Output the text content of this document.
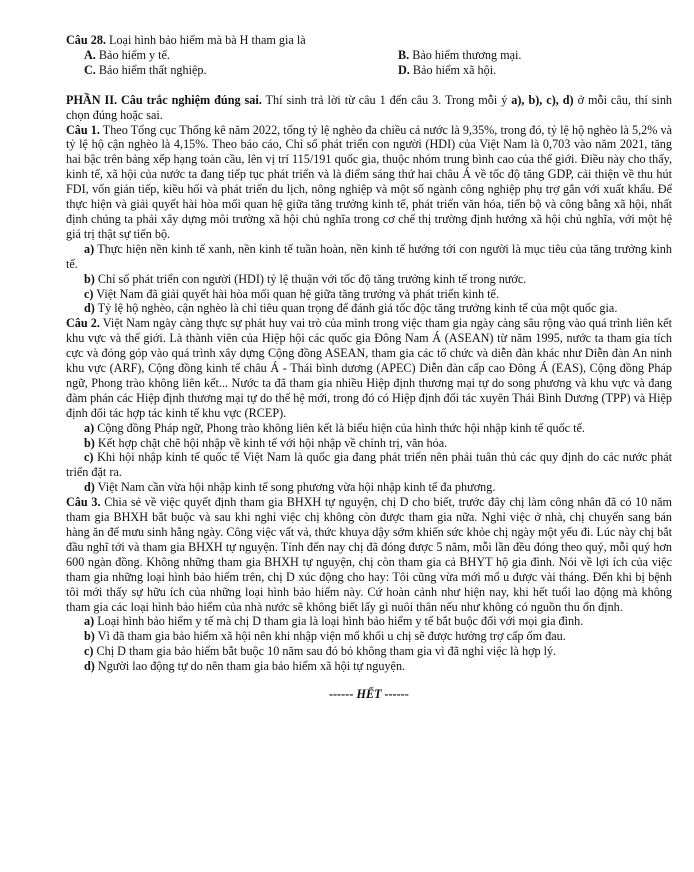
Câu 28. Loại hình bảo hiểm mà bà H tham gia là

A. Bảo hiểm y tế.	B. Bảo hiểm thương mại.
C. Bảo hiểm thất nghiệp.	D. Bảo hiểm xã hội.

PHẦN II. Câu trắc nghiệm đúng sai. Thí sinh trả lời từ câu 1 đến câu 3. Trong mỗi ý a), b), c), d) ở mỗi câu, thí sinh chọn đúng hoặc sai.

Câu 1. Theo Tổng cục Thống kê năm 2022, tổng tỷ lệ nghèo đa chiều cả nước là 9,35%, trong đó, tỷ lệ hộ nghèo là 5,2% và tỷ lệ hộ cận nghèo là 4,15%. Theo báo cáo, Chỉ số phát triển con người (HDI) của Việt Nam là 0,703 vào năm 2021, tăng hai bậc trên bảng xếp hạng toàn cầu, lên vị trí 115/191 quốc gia, thuộc nhóm trung bình cao của thế giới. Điều này cho thấy, kinh tế, xã hội của nước ta đang tiếp tục phát triển và là điểm sáng thứ hai châu Á về tốc độ tăng GDP, cải thiện về thu hút FDI, vốn gián tiếp, kiều hối và phát triển du lịch, nông nghiệp và một số ngành công nghiệp phụ trợ gắn với xuất khẩu. Để thực hiện và giải quyết hài hòa mối quan hệ giữa tăng trưởng kinh tế, phát triển văn hóa, tiến bộ và công bằng xã hội, nhất định chúng ta phải xây dựng môi trường xã hội chủ nghĩa trong cơ chế thị trường định hướng xã hội chủ nghĩa, với một hệ giá trị thật sự tiến bộ.

a) Thực hiện nền kinh tế xanh, nền kinh tế tuần hoàn, nền kinh tế hướng tới con người là mục tiêu của tăng trưởng kinh tế.

b) Chỉ số phát triển con người (HDI) tỷ lệ thuận với tốc độ tăng trưởng kinh tế trong nước.

c) Việt Nam đã giải quyết hài hòa mối quan hệ giữa tăng trưởng và phát triển kinh tế.

d) Tỷ lệ hộ nghèo, cận nghèo là chỉ tiêu quan trọng để đánh giá tốc độc tăng trưởng kinh tế của một quốc gia.

Câu 2. Việt Nam ngày càng thực sự phát huy vai trò của mình trong việc tham gia ngày càng sâu rộng vào quá trình liên kết khu vực và thế giới. Là thành viên của Hiệp hội các quốc gia Đông Nam Á (ASEAN) từ năm 1995, nước ta tham gia tích cực và đóng góp vào quá trình xây dựng Cộng đồng ASEAN, tham gia các tổ chức và diễn đàn khác như Diễn đàn An ninh khu vực (ARF), Cộng đồng kinh tế châu Á - Thái bình dương (APEC) Diễn đàn cấp cao Đông Á (EAS), Cộng đồng Pháp ngữ, Phong trào không liên kết... Nước ta đã tham gia nhiều Hiệp định thương mại tự do song phương và khu vực và đang đàm phán các Hiệp định thương mại tự do thế hệ mới, trong đó có Hiệp định đối tác xuyên Thái Bình Dương (TPP) và Hiệp định đối tác hợp tác kinh tế khu vực (RCEP).

a) Cộng đồng Pháp ngữ, Phong trào không liên kết là biểu hiện của hình thức hội nhập kinh tế quốc tế.

b) Kết hợp chặt chẽ hội nhập về kinh tế với hội nhập về chính trị, văn hóa.

c) Khi hội nhập kinh tế quốc tế Việt Nam là quốc gia đang phát triển nên phải tuân thủ các quy định do các nước phát triển đặt ra.

d) Việt Nam cần vừa hội nhập kinh tế song phương vừa hội nhập kinh tế đa phương.

Câu 3. Chia sẻ về việc quyết định tham gia BHXH tự nguyện, chị D cho biết, trước đây chị làm công nhân đã có 10 năm tham gia BHXH bắt buộc và sau khi nghỉ việc chị không còn được tham gia nữa. Nghỉ việc ở nhà, chị chuyển sang bán hàng ăn để mưu sinh hằng ngày. Công việc vất vả, thức khuya dậy sớm khiến sức khỏe chị ngày một yếu đi. Lúc này chị bắt đầu nghĩ tới và tham gia BHXH tự nguyện. Tính đến nay chị đã đóng được 5 năm, mỗi lần đều đóng theo quý, mỗi quý hơn 600 ngàn đồng. Không những tham gia BHXH tự nguyện, chị còn tham gia cả BHYT hộ gia đình. Nói về lợi ích của việc tham gia những loại hình bảo hiểm trên, chị D xúc động cho hay: Tôi cũng vừa mới mổ u được vài tháng. Đến khi bị bệnh tôi mới thấy sự hữu ích của những loại hình bảo hiểm này. Cứ hoàn cảnh như hiện nay, khi hết tuổi lao động mà không tham gia các loại hình bảo hiểm của nhà nước sẽ không biết lấy gì nuôi thân nếu như không có nguồn thu ổn định.

a) Loại hình bảo hiểm y tế mà chị D tham gia là loại hình bảo hiểm y tế bắt buộc đối với mọi gia đình.

b) Vì đã tham gia bảo hiểm xã hội nên khi nhập viện mổ khối u chị sẽ được hưởng trợ cấp ốm đau.

c) Chị D tham gia bảo hiểm bắt buộc 10 năm sau đó bỏ không tham gia vì đã nghỉ việc là hợp lý.

d) Người lao động tự do nên tham gia bảo hiểm xã hội tự nguyện.

------ HẾT ------
